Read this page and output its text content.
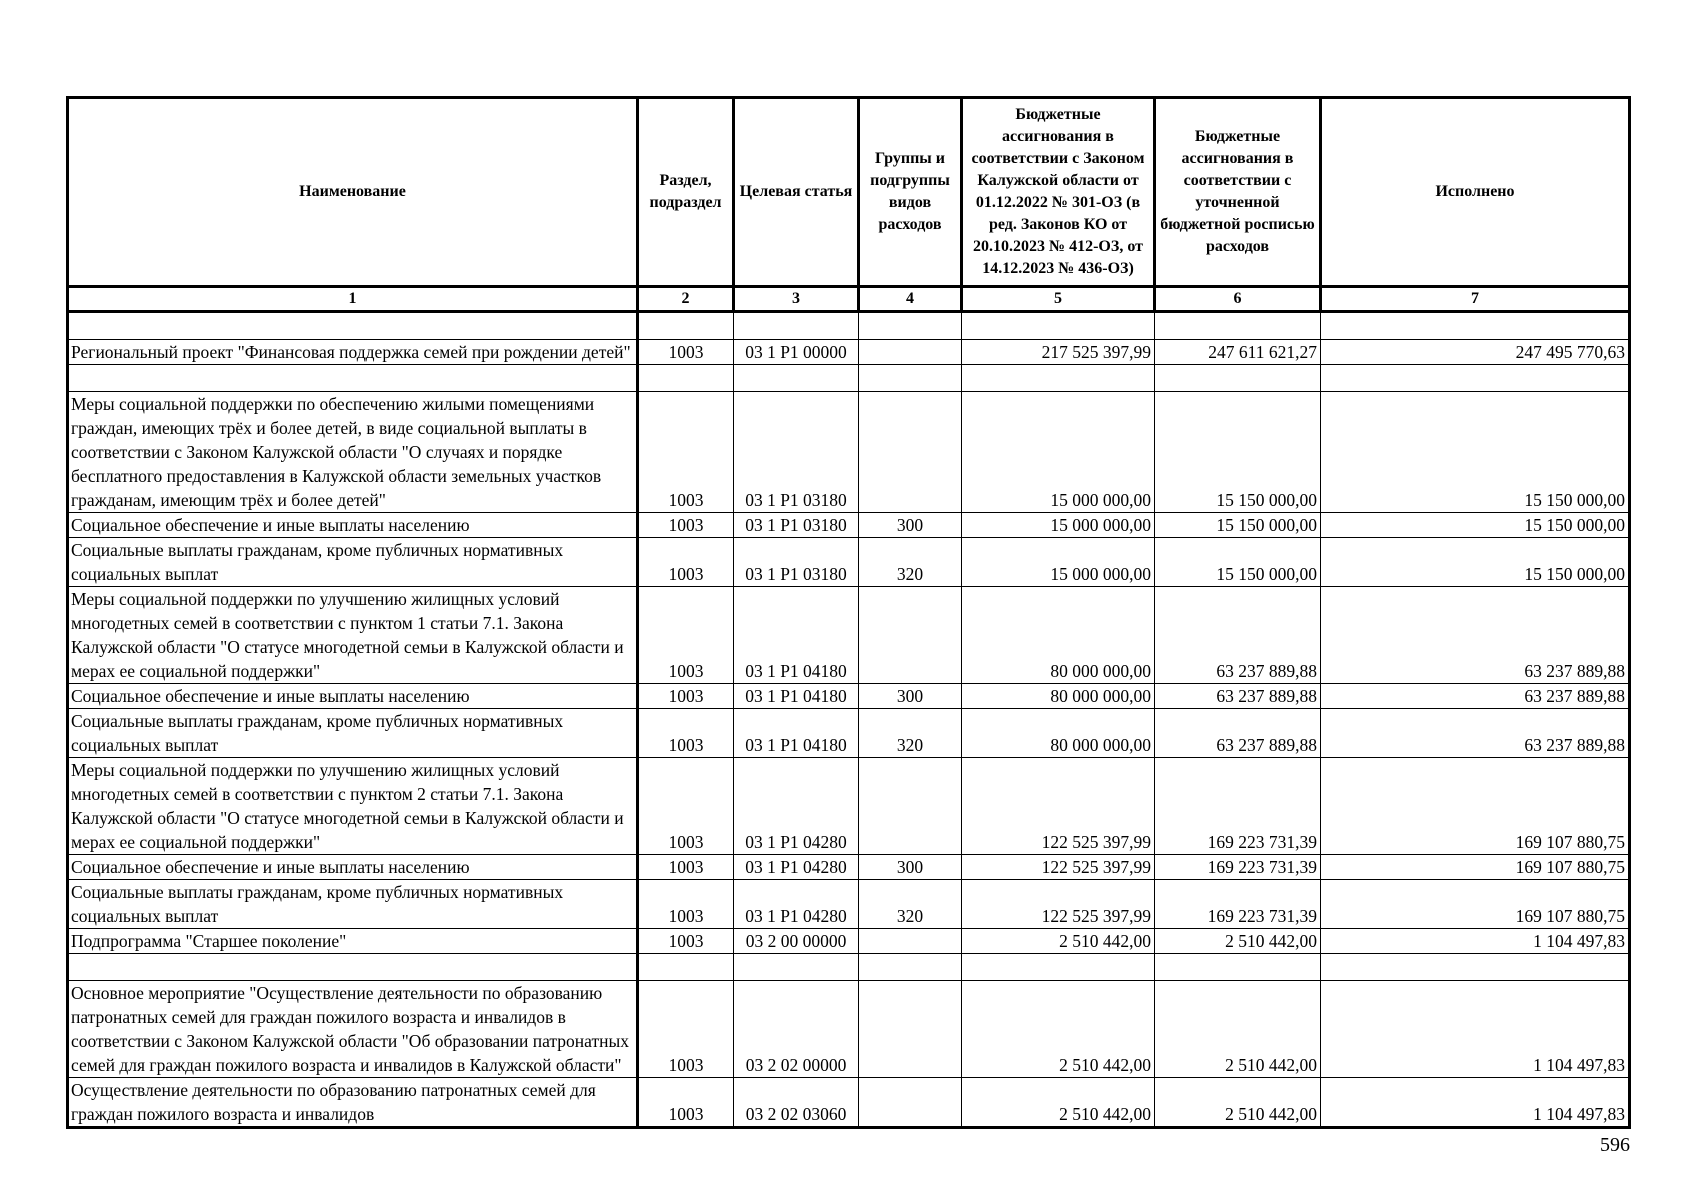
Наименование	Раздел, подраздел	Целевая статья	Группы и подгруппы видов расходов	Бюджетные ассигнования в соответствии с Законом Калужской области от 01.12.2022 № 301-ОЗ (в ред. Законов КО от 20.10.2023 № 412-ОЗ, от 14.12.2023 № 436-ОЗ)	Бюджетные ассигнования в соответствии с уточненной бюджетной росписью расходов	Исполнено
1	2	3	4	5	6	7

Региональный проект "Финансовая поддержка семей при рождении детей"	1003	03 1 P1 00000		217 525 397,99	247 611 621,27	247 495 770,63

Меры социальной поддержки по обеспечению жилыми помещениями граждан, имеющих трёх и более детей, в виде социальной выплаты в соответствии с Законом Калужской области "О случаях и порядке бесплатного предоставления в Калужской области земельных участков гражданам, имеющим трёх и более детей"	1003	03 1 P1 03180		15 000 000,00	15 150 000,00	15 150 000,00
Социальное обеспечение и иные выплаты населению	1003	03 1 P1 03180	300	15 000 000,00	15 150 000,00	15 150 000,00
Социальные выплаты гражданам, кроме публичных нормативных социальных выплат	1003	03 1 P1 03180	320	15 000 000,00	15 150 000,00	15 150 000,00
Меры социальной поддержки по улучшению жилищных условий многодетных семей в соответствии с пунктом 1 статьи 7.1. Закона Калужской области "О статусе многодетной семьи в Калужской области и мерах ее социальной поддержки"	1003	03 1 P1 04180		80 000 000,00	63 237 889,88	63 237 889,88
Социальное обеспечение и иные выплаты населению	1003	03 1 P1 04180	300	80 000 000,00	63 237 889,88	63 237 889,88
Социальные выплаты гражданам, кроме публичных нормативных социальных выплат	1003	03 1 P1 04180	320	80 000 000,00	63 237 889,88	63 237 889,88
Меры социальной поддержки по улучшению жилищных условий многодетных семей в соответствии с пунктом 2 статьи 7.1. Закона Калужской области "О статусе многодетной семьи в Калужской области и мерах ее социальной поддержки"	1003	03 1 P1 04280		122 525 397,99	169 223 731,39	169 107 880,75
Социальное обеспечение и иные выплаты населению	1003	03 1 P1 04280	300	122 525 397,99	169 223 731,39	169 107 880,75
Социальные выплаты гражданам, кроме публичных нормативных социальных выплат	1003	03 1 P1 04280	320	122 525 397,99	169 223 731,39	169 107 880,75
Подпрограмма "Старшее поколение"	1003	03 2 00 00000		2 510 442,00	2 510 442,00	1 104 497,83

Основное мероприятие "Осуществление деятельности по образованию патронатных семей для граждан пожилого возраста и инвалидов в соответствии с Законом Калужской области "Об образовании патронатных семей для граждан пожилого возраста и инвалидов в Калужской области"	1003	03 2 02 00000		2 510 442,00	2 510 442,00	1 104 497,83
Осуществление деятельности по образованию патронатных семей для граждан пожилого возраста и инвалидов	1003	03 2 02 03060		2 510 442,00	2 510 442,00	1 104 497,83
596
